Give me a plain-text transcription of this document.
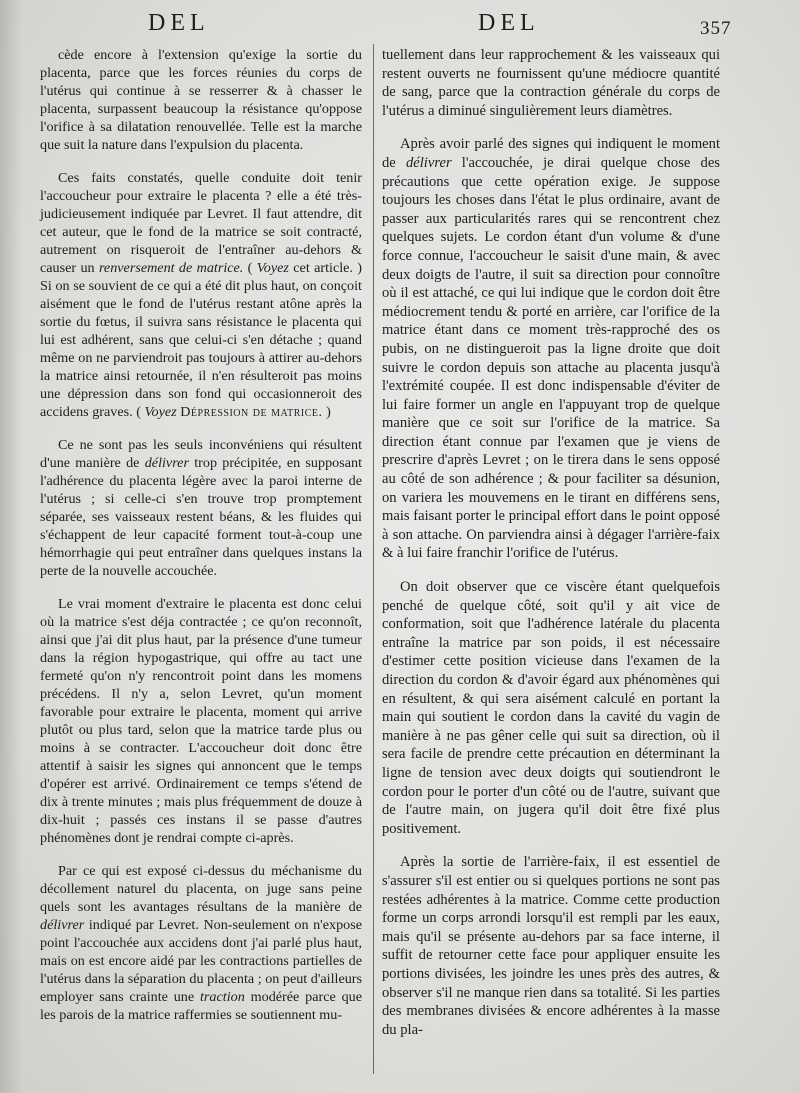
DEL	DEL	357

cède encore à l'extension qu'exige la sortie du placenta, parce que les forces réunies du corps de l'utérus qui continue à se resserrer & à chasser le placenta, surpassent beaucoup la résistance qu'oppose l'orifice à sa dilatation renouvellée. Telle est la marche que suit la nature dans l'expulsion du placenta.

Ces faits constatés, quelle conduite doit tenir l'accoucheur pour extraire le placenta ? elle a été très-judicieusement indiquée par Levret. Il faut attendre, dit cet auteur, que le fond de la matrice se soit contracté, autrement on risqueroit de l'entraîner au-dehors & causer un renversement de matrice. ( Voyez cet article. ) Si on se souvient de ce qui a été dit plus haut, on conçoit aisément que le fond de l'utérus restant atône après la sortie du fœtus, il suivra sans résistance le placenta qui lui est adhérent, sans que celui-ci s'en détache ; quand même on ne parviendroit pas toujours à attirer au-dehors la matrice ainsi retournée, il n'en résulteroit pas moins une dépression dans son fond qui occasionneroit des accidens graves. ( Voyez Dépression de matrice. )

Ce ne sont pas les seuls inconvéniens qui résultent d'une manière de délivrer trop précipitée, en supposant l'adhérence du placenta légère avec la paroi interne de l'utérus ; si celle-ci s'en trouve trop promptement séparée, ses vaisseaux restent béans, & les fluides qui s'échappent de leur capacité forment tout-à-coup une hémorrhagie qui peut entraîner dans quelques instans la perte de la nouvelle accouchée.

Le vrai moment d'extraire le placenta est donc celui où la matrice s'est déja contractée ; ce qu'on reconnoît, ainsi que j'ai dit plus haut, par la présence d'une tumeur dans la région hypogastrique, qui offre au tact une fermeté qu'on n'y rencontroit point dans les momens précédens. Il n'y a, selon Levret, qu'un moment favorable pour extraire le placenta, moment qui arrive plutôt ou plus tard, selon que la matrice tarde plus ou moins à se contracter. L'accoucheur doit donc être attentif à saisir les signes qui annoncent que le temps d'opérer est arrivé. Ordinairement ce temps s'étend de dix à trente minutes ; mais plus fréquemment de douze à dix-huit ; passés ces instans il se passe d'autres phénomènes dont je rendrai compte ci-après.

Par ce qui est exposé ci-dessus du méchanisme du décollement naturel du placenta, on juge sans peine quels sont les avantages résultans de la manière de délivrer indiqué par Levret. Non-seulement on n'expose point l'accouchée aux accidens dont j'ai parlé plus haut, mais on est encore aidé par les contractions partielles de l'utérus dans la séparation du placenta ; on peut d'ailleurs employer sans crainte une traction modérée parce que les parois de la matrice raffermies se soutiennent mu-

tuellement dans leur rapprochement & les vaisseaux qui restent ouverts ne fournissent qu'une médiocre quantité de sang, parce que la contraction générale du corps de l'utérus a diminué singulièrement leurs diamètres.

Après avoir parlé des signes qui indiquent le moment de délivrer l'accouchée, je dirai quelque chose des précautions que cette opération exige. Je suppose toujours les choses dans l'état le plus ordinaire, avant de passer aux particularités rares qui se rencontrent chez quelques sujets. Le cordon étant d'un volume & d'une force connue, l'accoucheur le saisit d'une main, & avec deux doigts de l'autre, il suit sa direction pour connoître où il est attaché, ce qui lui indique que le cordon doit être médiocrement tendu & porté en arrière, car l'orifice de la matrice étant dans ce moment très-rapproché des os pubis, on ne distingueroit pas la ligne droite que doit suivre le cordon depuis son attache au placenta jusqu'à l'extrémité coupée. Il est donc indispensable d'éviter de lui faire former un angle en l'appuyant trop de quelque manière que ce soit sur l'orifice de la matrice. Sa direction étant connue par l'examen que je viens de prescrire d'après Levret ; on le tirera dans le sens opposé au côté de son adhérence ; & pour faciliter sa désunion, on variera les mouvemens en le tirant en différens sens, mais faisant porter le principal effort dans le point opposé à son attache. On parviendra ainsi à dégager l'arrière-faix & à lui faire franchir l'orifice de l'utérus.

On doit observer que ce viscère étant quelquefois penché de quelque côté, soit qu'il y ait vice de conformation, soit que l'adhérence latérale du placenta entraîne la matrice par son poids, il est nécessaire d'estimer cette position vicieuse dans l'examen de la direction du cordon & d'avoir égard aux phénomènes qui en résultent, & qui sera aisément calculé en portant la main qui soutient le cordon dans la cavité du vagin de manière à ne pas gêner celle qui suit sa direction, où il sera facile de prendre cette précaution en déterminant la ligne de tension avec deux doigts qui soutiendront le cordon pour le porter d'un côté ou de l'autre, suivant que de l'autre main, on jugera qu'il doit être fixé plus positivement.

Après la sortie de l'arrière-faix, il est essentiel de s'assurer s'il est entier ou si quelques portions ne sont pas restées adhérentes à la matrice. Comme cette production forme un corps arrondi lorsqu'il est rempli par les eaux, mais qu'il se présente au-dehors par sa face interne, il suffit de retourner cette face pour appliquer ensuite les portions divisées, les joindre les unes près des autres, & observer s'il ne manque rien dans sa totalité. Si les parties des membranes divisées & encore adhérentes à la masse du pla-
